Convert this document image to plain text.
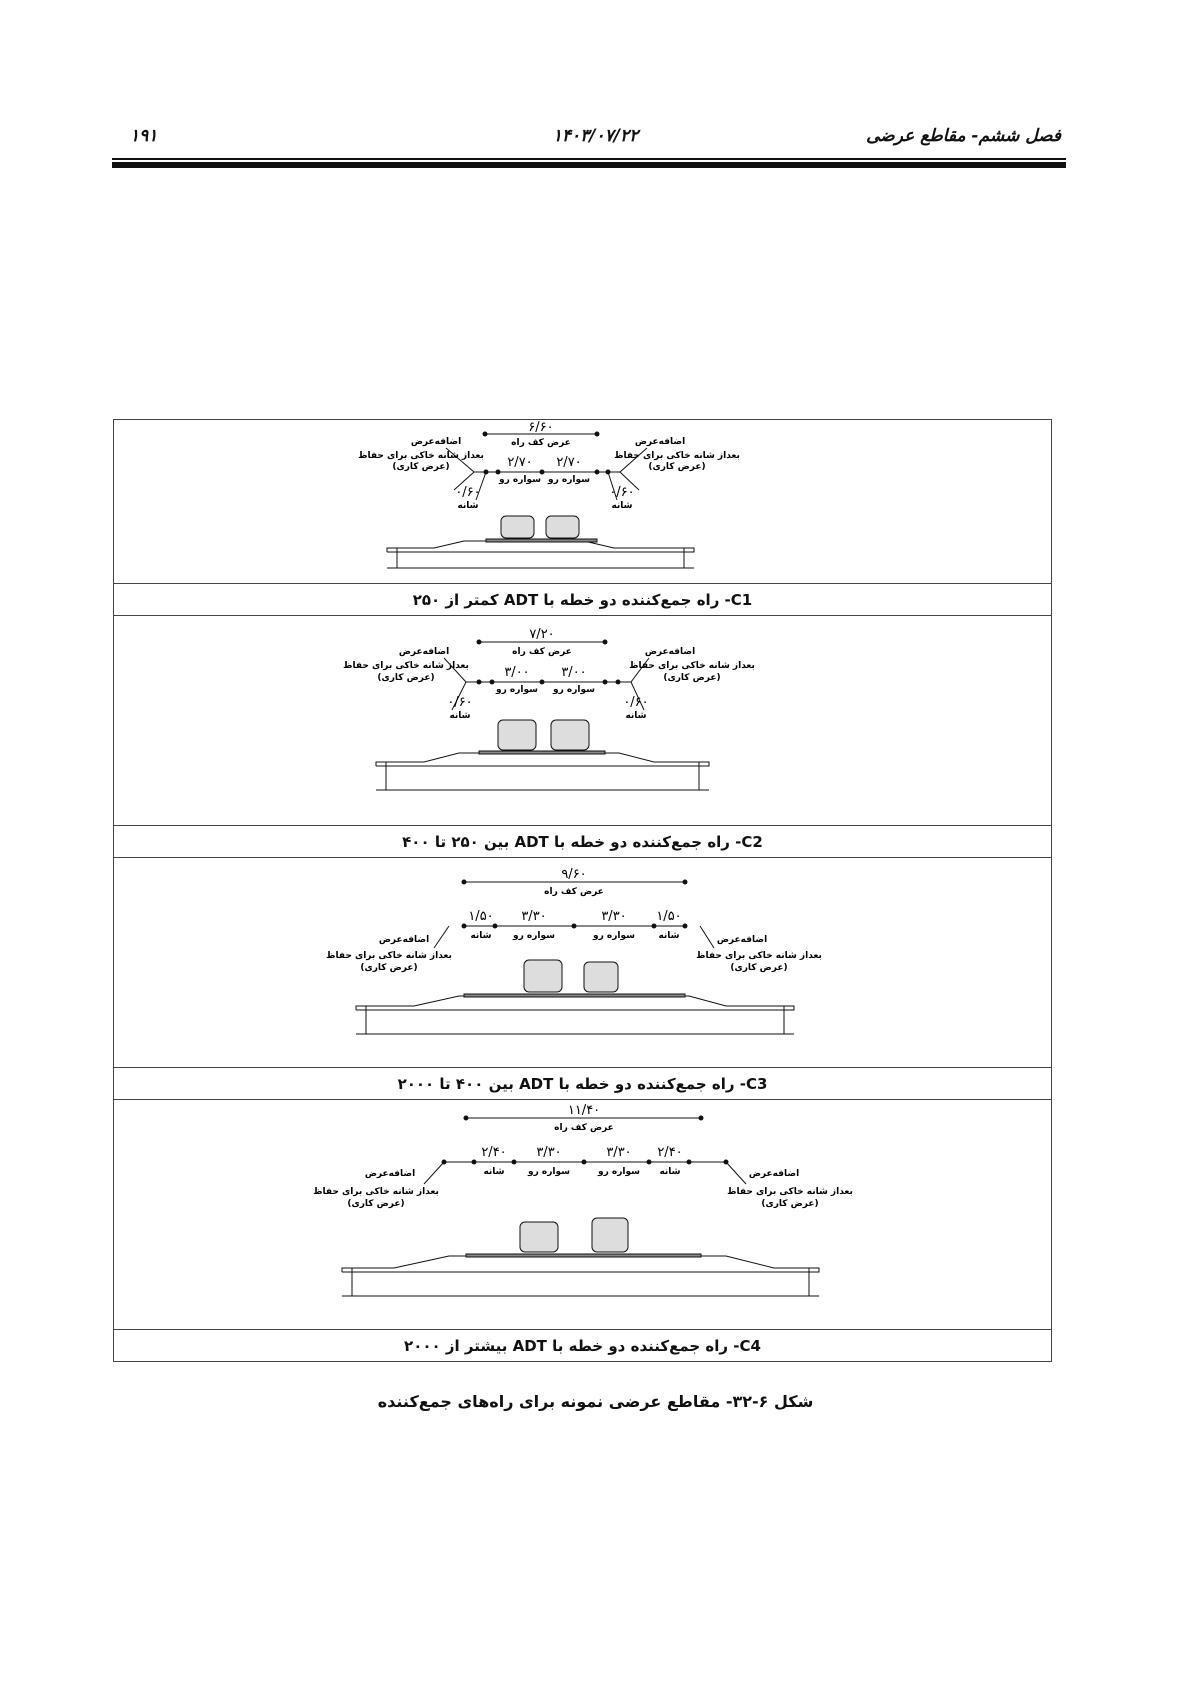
۱۹۱	۱۴۰۳/۰۷/۲۲	فصل ششم- مقاطع عرضی
۶/۶۰
عرض کف راه
۲/۷۰ ۲/۷۰
سواره رو سواره رو
۰/۶۰	۰/۶۰
شانه	شانه
اضافه‌عرض	اضافه‌عرض
بعداز شانه خاکی برای حفاظ
(عرض کاری)
بعداز شانه خاکی برای حفاظ
(عرض کاری)
C1- راه جمع‌کننده دو خطه با ADT کمتر از ۲۵۰
۷/۲۰
عرض کف راه
۳/۰۰ ۳/۰۰
سواره رو سواره رو
۰/۶۰	۰/۶۰
شانه	شانه
اضافه‌عرض	اضافه‌عرض
بعداز شانه خاکی برای حفاظ
(عرض کاری)
بعداز شانه خاکی برای حفاظ
(عرض کاری)
C2- راه جمع‌کننده دو خطه با ADT بین ۲۵۰ تا ۴۰۰
۹/۶۰
عرض کف راه
۱/۵۰ ۳/۳۰	۳/۳۰ ۱/۵۰
شانه سواره رو	سواره رو	شانه
اضافه‌عرض	اضافه‌عرض
بعداز شانه خاکی برای حفاظ
(عرض کاری)
بعداز شانه خاکی برای حفاظ
(عرض کاری)
C3- راه جمع‌کننده دو خطه با ADT بین ۴۰۰ تا ۲۰۰۰
۱۱/۴۰
عرض کف راه
۲/۴۰ ۳/۳۰	۳/۳۰ ۲/۴۰
شانه	سواره رو	سواره رو شانه
اضافه‌عرض	اضافه‌عرض
بعداز شانه خاکی برای حفاظ
(عرض کاری)
بعداز شانه خاکی برای حفاظ
(عرض کاری)
C4- راه جمع‌کننده دو خطه با ADT بیشتر از ۲۰۰۰
شکل ۶-۳۲- مقاطع عرضی نمونه برای راه‌های جمع‌کننده
